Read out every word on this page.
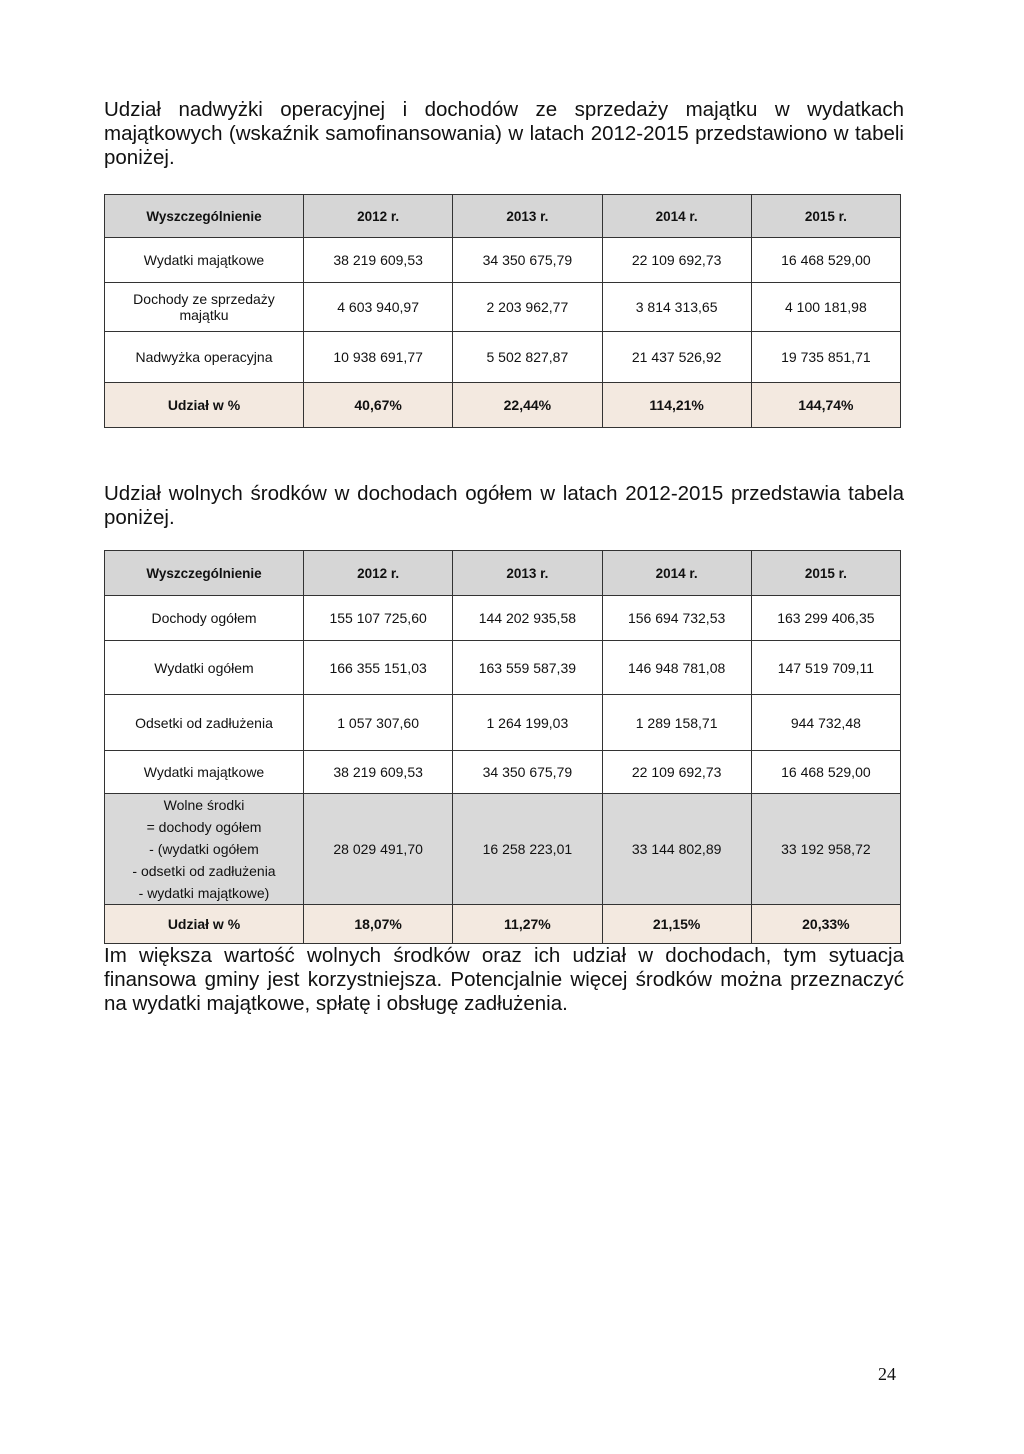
Udział nadwyżki operacyjnej i dochodów ze sprzedaży majątku w wydatkach majątkowych (wskaźnik samofinansowania) w latach 2012-2015 przedstawiono w tabeli poniżej.

Wyszczególnienie	2012 r.	2013 r.	2014 r.	2015 r.
Wydatki majątkowe	38 219 609,53	34 350 675,79	22 109 692,73	16 468 529,00
Dochody ze sprzedaży
majątku	4 603 940,97	2 203 962,77	3 814 313,65	4 100 181,98
Nadwyżka operacyjna	10 938 691,77	5 502 827,87	21 437 526,92	19 735 851,71
Udział w %	40,67%	22,44%	114,21%	144,74%

Udział wolnych środków w dochodach ogółem w latach 2012-2015 przedstawia tabela poniżej.

Wyszczególnienie	2012 r.	2013 r.	2014 r.	2015 r.
Dochody ogółem	155 107 725,60	144 202 935,58	156 694 732,53	163 299 406,35
Wydatki ogółem	166 355 151,03	163 559 587,39	146 948 781,08	147 519 709,11
Odsetki od zadłużenia	1 057 307,60	1 264 199,03	1 289 158,71	944 732,48
Wydatki majątkowe	38 219 609,53	34 350 675,79	22 109 692,73	16 468 529,00
Wolne środki
= dochody ogółem
- (wydatki ogółem
- odsetki od zadłużenia
- wydatki majątkowe)	28 029 491,70	16 258 223,01	33 144 802,89	33 192 958,72
Udział w %	18,07%	11,27%	21,15%	20,33%

Im większa wartość wolnych środków oraz ich udział w dochodach, tym sytuacja finansowa gminy jest korzystniejsza. Potencjalnie więcej środków można przeznaczyć na wydatki majątkowe, spłatę i obsługę zadłużenia.

24
